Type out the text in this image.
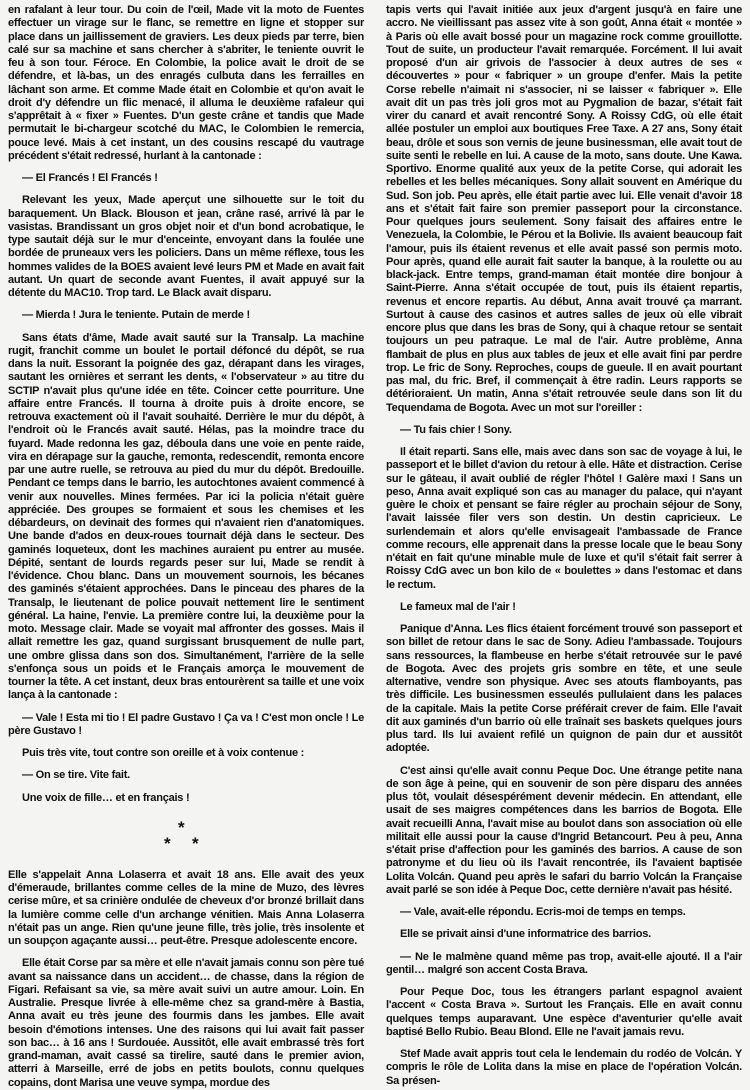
en rafalant à leur tour. Du coin de l'œil, Made vit la moto de Fuentes effectuer un virage sur le flanc, se remettre en ligne et stopper sur place dans un jaillissement de graviers. Les deux pieds par terre, bien calé sur sa machine et sans chercher à s'abriter, le teniente ouvrit le feu à son tour. Féroce. En Colombie, la police avait le droit de se défendre, et là-bas, un des enragés culbuta dans les ferrailles en lâchant son arme. Et comme Made était en Colombie et qu'on avait le droit d'y défendre un flic menacé, il alluma le deuxième rafaleur qui s'apprêtait à « fixer » Fuentes. D'un geste crâne et tandis que Made permutait le bi-chargeur scotché du MAC, le Colombien le remercia, pouce levé. Mais à cet instant, un des cousins rescapé du vautrage précédent s'était redressé, hurlant à la cantonade :

— El Francés ! El Francés !

Relevant les yeux, Made aperçut une silhouette sur le toit du baraquement. Un Black. Blouson et jean, crâne rasé, arrivé là par le vasistas. Brandissant un gros objet noir et d'un bond acrobatique, le type sautait déjà sur le mur d'enceinte, envoyant dans la foulée une bordée de pruneaux vers les policiers. Dans un même réflexe, tous les hommes valides de la BOES avaient levé leurs PM et Made en avait fait autant. Un quart de seconde avant Fuentes, il avait appuyé sur la détente du MAC10. Trop tard. Le Black avait disparu.

— Mierda ! Jura le teniente. Putain de merde !

Sans états d'âme, Made avait sauté sur la Transalp. La machine rugit, franchit comme un boulet le portail défoncé du dépôt, se rua dans la nuit. Essorant la poignée des gaz, dérapant dans les virages, sautant les ornières et serrant les dents, « l'observateur » au titre du SCTIP n'avait plus qu'une idée en tête. Coincer cette pourriture. Une affaire entre Francés. Il tourna à droite puis à droite encore, se retrouva exactement où il l'avait souhaité. Derrière le mur du dépôt, à l'endroit où le Francés avait sauté. Hélas, pas la moindre trace du fuyard. Made redonna les gaz, déboula dans une voie en pente raide, vira en dérapage sur la gauche, remonta, redescendit, remonta encore par une autre ruelle, se retrouva au pied du mur du dépôt. Bredouille. Pendant ce temps dans le barrio, les autochtones avaient commencé à venir aux nouvelles. Mines fermées. Par ici la policia n'était guère appréciée. Des groupes se formaient et sous les chemises et les débardeurs, on devinait des formes qui n'avaient rien d'anatomiques. Une bande d'ados en deux-roues tournait déjà dans le secteur. Des gaminés loqueteux, dont les machines auraient pu entrer au musée. Dépité, sentant de lourds regards peser sur lui, Made se rendit à l'évidence. Chou blanc. Dans un mouvement sournois, les bécanes des gaminés s'étaient approchées. Dans le pinceau des phares de la Transalp, le lieutenant de police pouvait nettement lire le sentiment général. La haine, l'envie. La première contre lui, la deuxième pour la moto. Message clair. Made se voyait mal affronter des gosses. Mais il allait remettre les gaz, quand surgissant brusquement de nulle part, une ombre glissa dans son dos. Simultanément, l'arrière de la selle s'enfonça sous un poids et le Français amorça le mouvement de tourner la tête. A cet instant, deux bras entourèrent sa taille et une voix lança à la cantonade :

— Vale ! Esta mi tio ! El padre Gustavo ! Ça va ! C'est mon oncle ! Le père Gustavo !

Puis très vite, tout contre son oreille et à voix contenue :

— On se tire. Vite fait.

Une voix de fille… et en français !

*
* *

Elle s'appelait Anna Lolaserra et avait 18 ans. Elle avait des yeux d'émeraude, brillantes comme celles de la mine de Muzo, des lèvres cerise mûre, et sa crinière ondulée de cheveux d'or bronzé brillait dans la lumière comme celle d'un archange vénitien. Mais Anna Lolaserra n'était pas un ange. Rien qu'une jeune fille, très jolie, très insolente et un soupçon agaçante aussi… peut-être. Presque adolescente encore.

Elle était Corse par sa mère et elle n'avait jamais connu son père tué avant sa naissance dans un accident… de chasse, dans la région de Figari. Refaisant sa vie, sa mère avait suivi un autre amour. Loin. En Australie. Presque livrée à elle-même chez sa grand-mère à Bastia, Anna avait eu très jeune des fourmis dans les jambes. Elle avait besoin d'émotions intenses. Une des raisons qui lui avait fait passer son bac… à 16 ans ! Surdouée. Aussitôt, elle avait embrassé très fort grand-maman, avait cassé sa tirelire, sauté dans le premier avion, atterri à Marseille, erré de jobs en petits boulots, connu quelques copains, dont Marisa une veuve sympa, mordue des

tapis verts qui l'avait initiée aux jeux d'argent jusqu'à en faire une accro. Ne vieillissant pas assez vite à son goût, Anna était « montée » à Paris où elle avait bossé pour un magazine rock comme grouillotte. Tout de suite, un producteur l'avait remarquée. Forcément. Il lui avait proposé d'un air grivois de l'associer à deux autres de ses « découvertes » pour « fabriquer » un groupe d'enfer. Mais la petite Corse rebelle n'aimait ni s'associer, ni se laisser « fabriquer ». Elle avait dit un pas très joli gros mot au Pygmalion de bazar, s'était fait virer du canard et avait rencontré Sony. A Roissy CdG, où elle était allée postuler un emploi aux boutiques Free Taxe. A 27 ans, Sony était beau, drôle et sous son vernis de jeune businessman, elle avait tout de suite senti le rebelle en lui. A cause de la moto, sans doute. Une Kawa. Sportivo. Enorme qualité aux yeux de la petite Corse, qui adorait les rebelles et les belles mécaniques. Sony allait souvent en Amérique du Sud. Son job. Peu après, elle était partie avec lui. Elle venait d'avoir 18 ans et s'était fait faire son premier passeport pour la circonstance. Pour quelques jours seulement. Sony faisait des affaires entre le Venezuela, la Colombie, le Pérou et la Bolivie. Ils avaient beaucoup fait l'amour, puis ils étaient revenus et elle avait passé son permis moto. Pour après, quand elle aurait fait sauter la banque, à la roulette ou au black-jack. Entre temps, grand-maman était montée dire bonjour à Saint-Pierre. Anna s'était occupée de tout, puis ils étaient repartis, revenus et encore repartis. Au début, Anna avait trouvé ça marrant. Surtout à cause des casinos et autres salles de jeux où elle vibrait encore plus que dans les bras de Sony, qui à chaque retour se sentait toujours un peu patraque. Le mal de l'air. Autre problème, Anna flambait de plus en plus aux tables de jeux et elle avait fini par perdre trop. Le fric de Sony. Reproches, coups de gueule. Il en avait pourtant pas mal, du fric. Bref, il commençait à être radin. Leurs rapports se détérioraient. Un matin, Anna s'était retrouvée seule dans son lit du Tequendama de Bogota. Avec un mot sur l'oreiller :

— Tu fais chier ! Sony.

Il était reparti. Sans elle, mais avec dans son sac de voyage à lui, le passeport et le billet d'avion du retour à elle. Hâte et distraction. Cerise sur le gâteau, il avait oublié de régler l'hôtel ! Galère maxi ! Sans un peso, Anna avait expliqué son cas au manager du palace, qui n'ayant guère le choix et pensant se faire régler au prochain séjour de Sony, l'avait laissée filer vers son destin. Un destin capricieux. Le surlendemain et alors qu'elle envisageait l'ambassade de France comme recours, elle apprenait dans la presse locale que le beau Sony n'était en fait qu'une minable mule de luxe et qu'il s'était fait serrer à Roissy CdG avec un bon kilo de « boulettes » dans l'estomac et dans le rectum.

Le fameux mal de l'air !

Panique d'Anna. Les flics étaient forcément trouvé son passeport et son billet de retour dans le sac de Sony. Adieu l'ambassade. Toujours sans ressources, la flambeuse en herbe s'était retrouvée sur le pavé de Bogota. Avec des projets gris sombre en tête, et une seule alternative, vendre son physique. Avec ses atouts flamboyants, pas très difficile. Les businessmen esseulés pullulaient dans les palaces de la capitale. Mais la petite Corse préférait crever de faim. Elle l'avait dit aux gaminés d'un barrio où elle traînait ses baskets quelques jours plus tard. Ils lui avaient refilé un quignon de pain dur et aussitôt adoptée.

C'est ainsi qu'elle avait connu Peque Doc. Une étrange petite nana de son âge à peine, qui en souvenir de son père disparu des années plus tôt, voulait désespérément devenir médecin. En attendant, elle usait de ses maigres compétences dans les barrios de Bogota. Elle avait recueilli Anna, l'avait mise au boulot dans son association où elle militait elle aussi pour la cause d'Ingrid Betancourt. Peu à peu, Anna s'était prise d'affection pour les gaminés des barrios. A cause de son patronyme et du lieu où ils l'avait rencontrée, ils l'avaient baptisée Lolita Volcán. Quand peu après le safari du barrio Volcán la Française avait parlé se son idée à Peque Doc, cette dernière n'avait pas hésité.

— Vale, avait-elle répondu. Ecris-moi de temps en temps.

Elle se privait ainsi d'une informatrice des barrios.

— Ne le malmène quand même pas trop, avait-elle ajouté. Il a l'air gentil… malgré son accent Costa Brava.

Pour Peque Doc, tous les étrangers parlant espagnol avaient l'accent « Costa Brava ». Surtout les Français. Elle en avait connu quelques temps auparavant. Une espèce d'aventurier qu'elle avait baptisé Bello Rubio. Beau Blond. Elle ne l'avait jamais revu.

Stef Made avait appris tout cela le lendemain du rodéo de Volcán. Y compris le rôle de Lolita dans la mise en place de l'opération Volcán. Sa présen-
